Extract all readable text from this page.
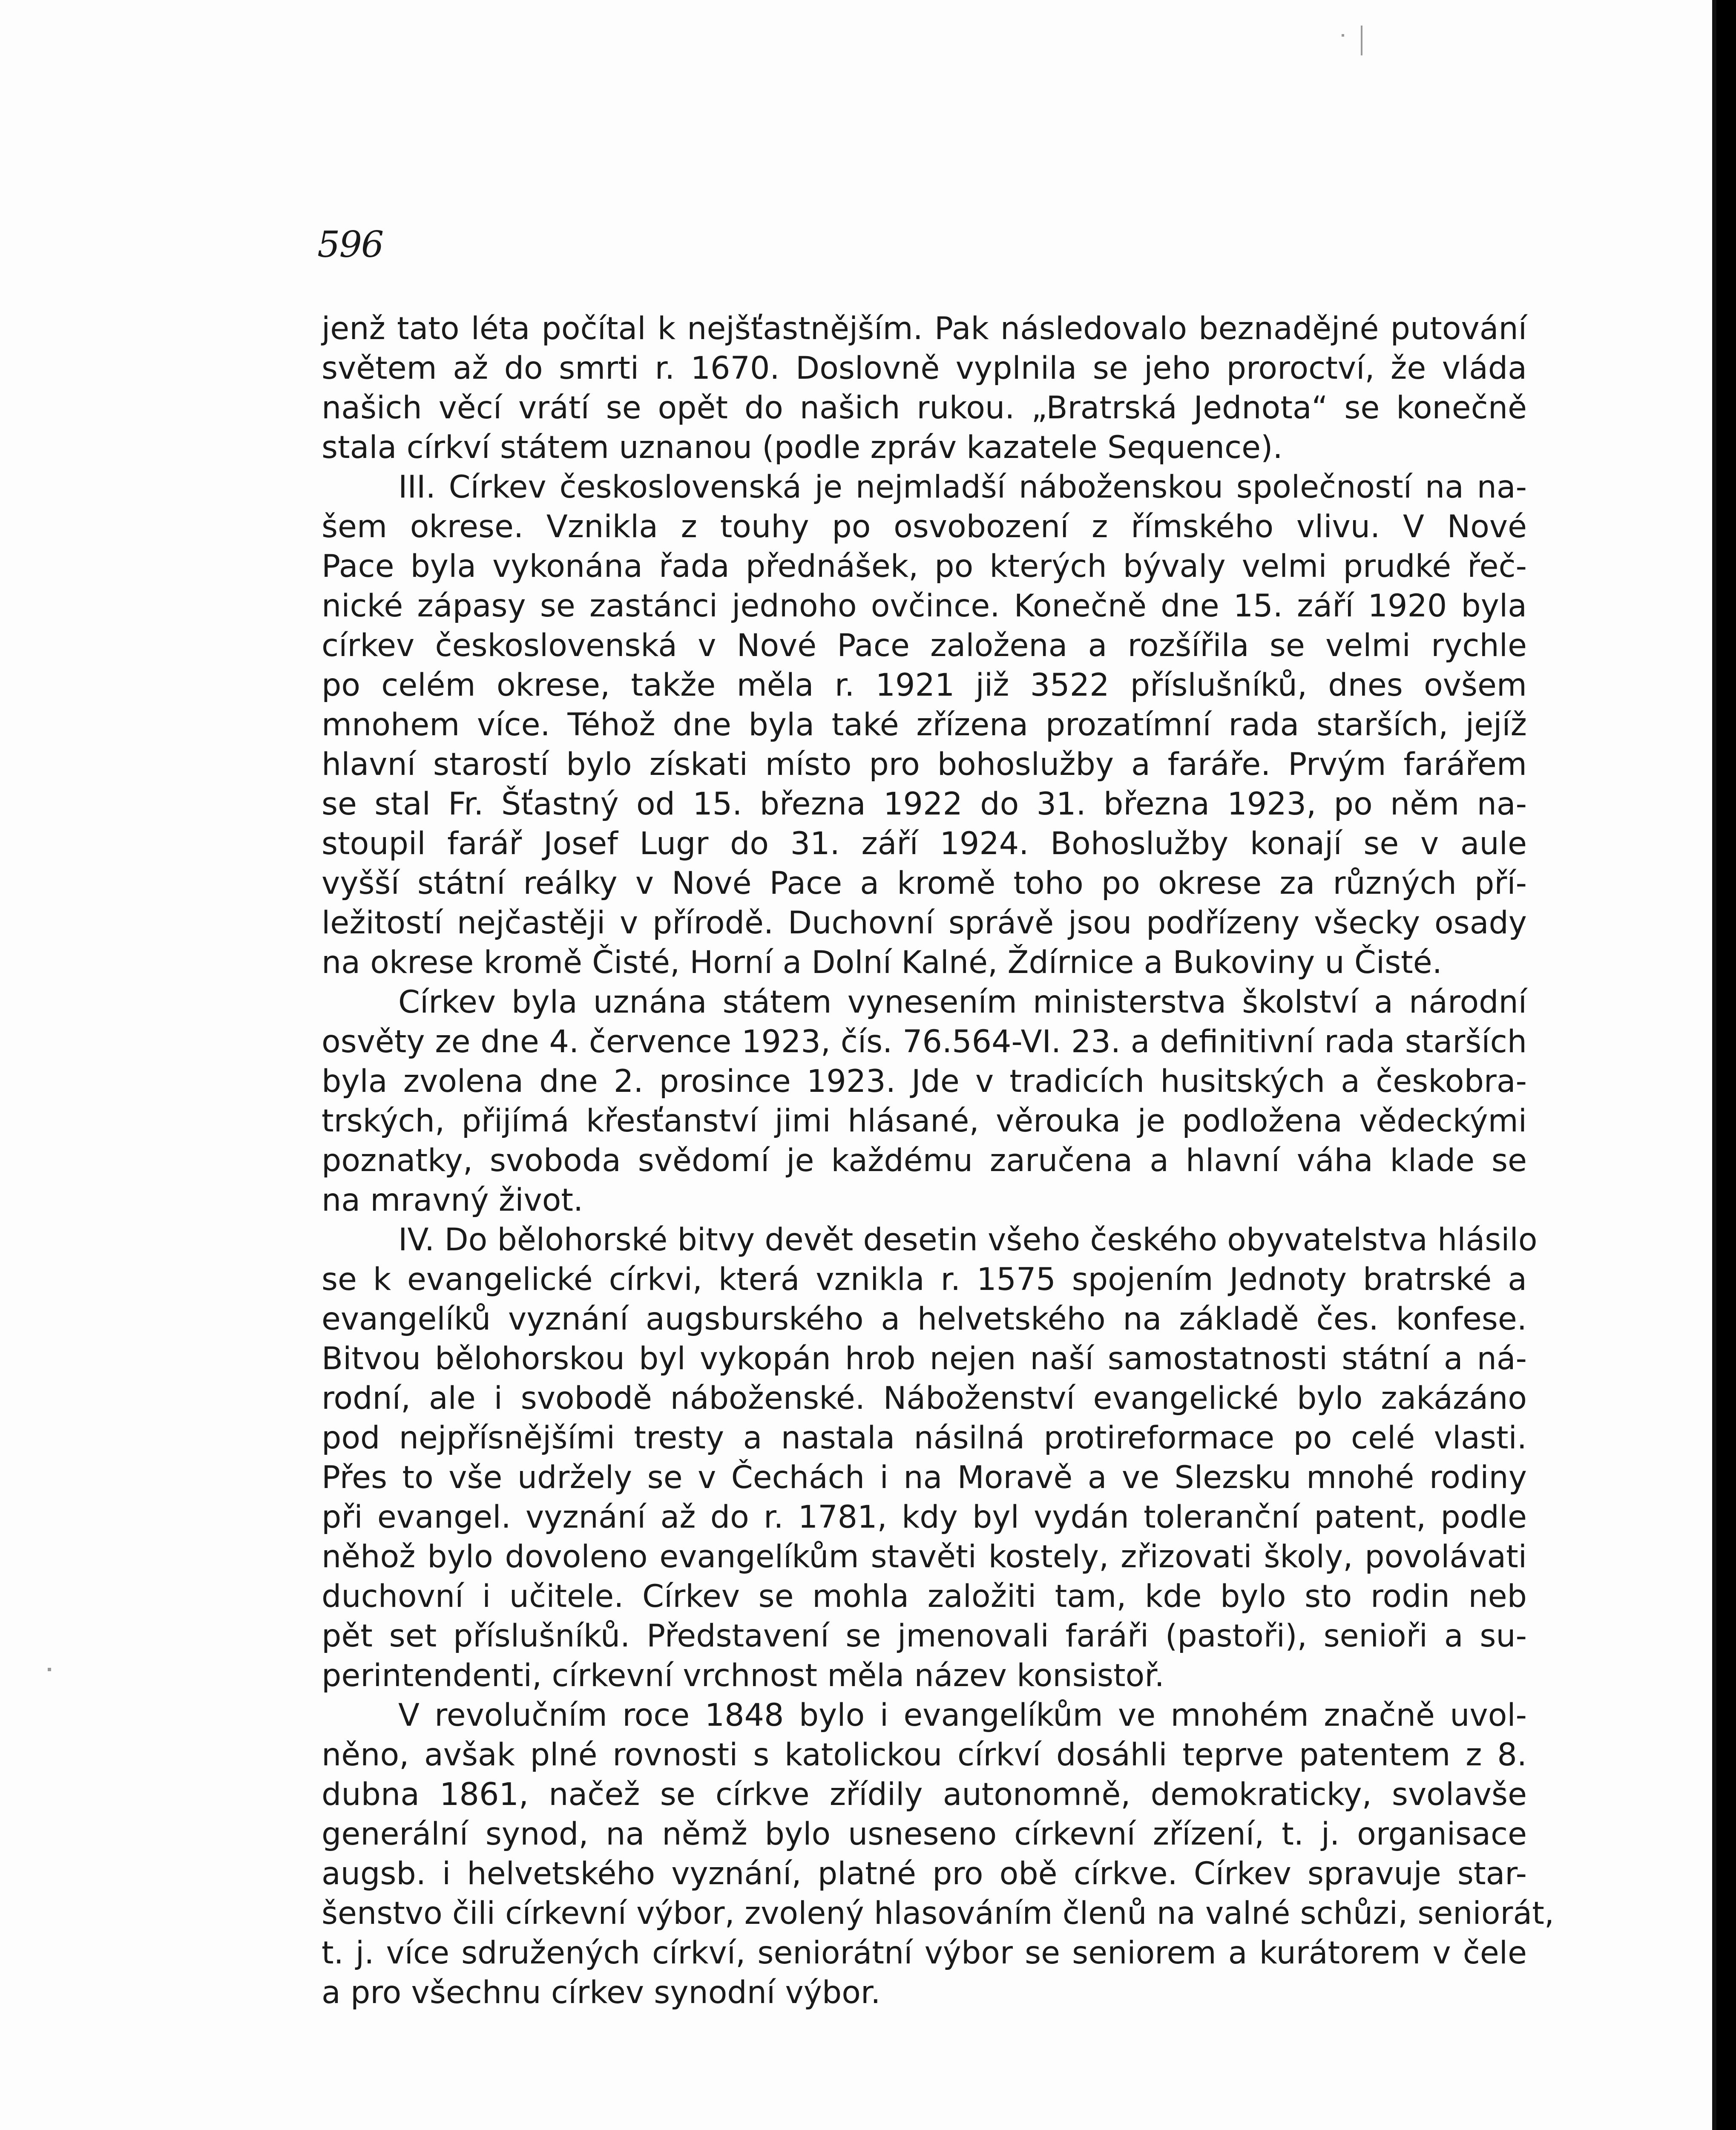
596

jenž tato léta počítal k nejšťastnějším. Pak následovalo beznadějné putování
světem až do smrti r. 1670. Doslovně vyplnila se jeho proroctví, že vláda
našich věcí vrátí se opět do našich rukou. „Bratrská Jednota“ se konečně
stala církví státem uznanou (podle zpráv kazatele Sequence).

III. Církev československá je nejmladší náboženskou společností na na-
šem okrese. Vznikla z touhy po osvobození z římského vlivu. V Nové
Pace byla vykonána řada přednášek, po kterých bývaly velmi prudké řeč-
nické zápasy se zastánci jednoho ovčince. Konečně dne 15. září 1920 byla
církev československá v Nové Pace založena a rozšířila se velmi rychle
po celém okrese, takže měla r. 1921 již 3522 příslušníků, dnes ovšem
mnohem více. Téhož dne byla také zřízena prozatímní rada starších, jejíž
hlavní starostí bylo získati místo pro bohoslužby a faráře. Prvým farářem
se stal Fr. Šťastný od 15. března 1922 do 31. března 1923, po něm na-
stoupil farář Josef Lugr do 31. září 1924. Bohoslužby konají se v aule
vyšší státní reálky v Nové Pace a kromě toho po okrese za různých pří-
ležitostí nejčastěji v přírodě. Duchovní správě jsou podřízeny všecky osady
na okrese kromě Čisté, Horní a Dolní Kalné, Ždírnice a Bukoviny u Čisté.

Církev byla uznána státem vynesením ministerstva školství a národní
osvěty ze dne 4. července 1923, čís. 76.564-VI. 23. a definitivní rada starších
byla zvolena dne 2. prosince 1923. Jde v tradicích husitských a českobra-
trských, přijímá křesťanství jimi hlásané, věrouka je podložena vědeckými
poznatky, svoboda svědomí je každému zaručena a hlavní váha klade se
na mravný život.

IV. Do bělohorské bitvy devět desetin všeho českého obyvatelstva hlásilo
se k evangelické církvi, která vznikla r. 1575 spojením Jednoty bratrské a
evangelíků vyznání augsburského a helvetského na základě čes. konfese.
Bitvou bělohorskou byl vykopán hrob nejen naší samostatnosti státní a ná-
rodní, ale i svobodě náboženské. Náboženství evangelické bylo zakázáno
pod nejpřísnějšími tresty a nastala násilná protireformace po celé vlasti.
Přes to vše udržely se v Čechách i na Moravě a ve Slezsku mnohé rodiny
při evangel. vyznání až do r. 1781, kdy byl vydán toleranční patent, podle
něhož bylo dovoleno evangelíkům stavěti kostely, zřizovati školy, povolávati
duchovní i učitele. Církev se mohla založiti tam, kde bylo sto rodin neb
pět set příslušníků. Představení se jmenovali faráři (pastoři), senioři a su-
perintendenti, církevní vrchnost měla název konsistoř.

V revolučním roce 1848 bylo i evangelíkům ve mnohém značně uvol-
něno, avšak plné rovnosti s katolickou církví dosáhli teprve patentem z 8.
dubna 1861, načež se církve zřídily autonomně, demokraticky, svolavše
generální synod, na němž bylo usneseno církevní zřízení, t. j. organisace
augsb. i helvetského vyznání, platné pro obě církve. Církev spravuje star-
šenstvo čili církevní výbor, zvolený hlasováním členů na valné schůzi, seniorát,
t. j. více sdružených církví, seniorátní výbor se seniorem a kurátorem v čele
a pro všechnu církev synodní výbor.
